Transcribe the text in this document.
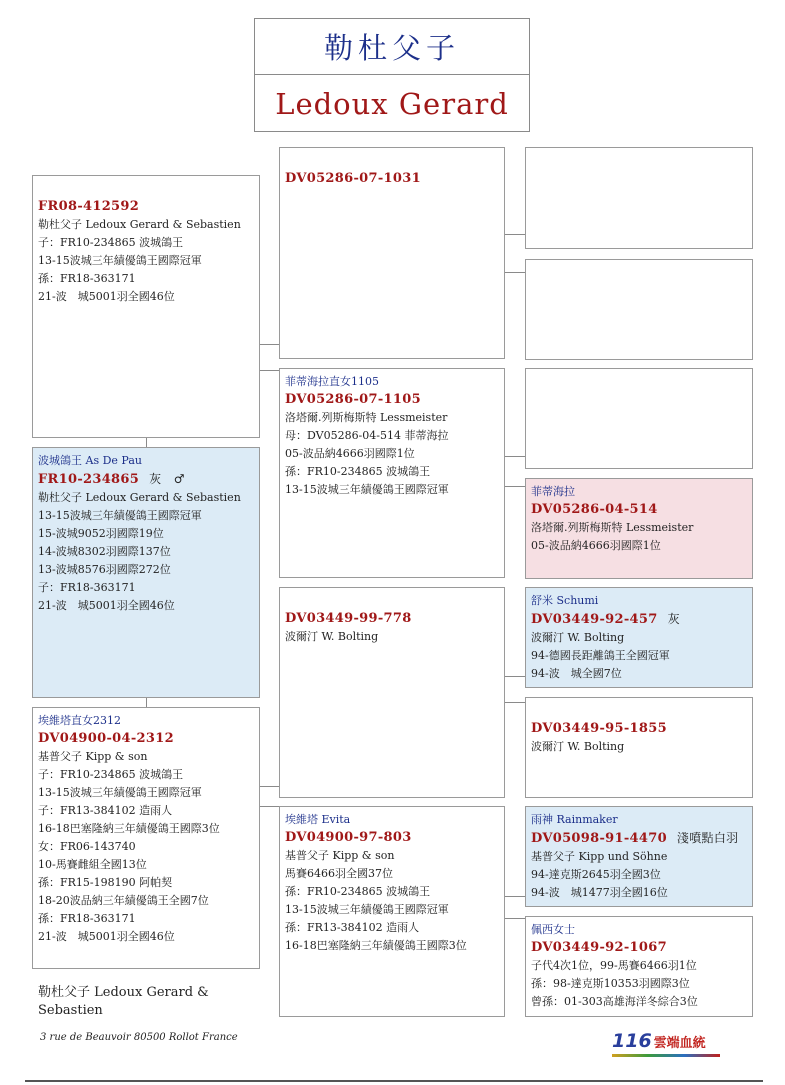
勒杜父子
Ledoux Gerard
FR08-412592
勒杜父子 Ledoux Gerard & Sebastien
子：FR10-234865 波城鴿王
13-15波城三年績優鴿王國際冠軍
孫：FR18-363171
21-波　城5001羽全國46位
波城鴿王 As De Pau
FR10-234865 灰　♂
勒杜父子 Ledoux Gerard & Sebastien
13-15波城三年績優鴿王國際冠軍
15-波城9052羽國際19位
14-波城8302羽國際137位
13-波城8576羽國際272位
子：FR18-363171
21-波　城5001羽全國46位
埃維塔直女2312
DV04900-04-2312
基普父子 Kipp & son
子：FR10-234865 波城鴿王
13-15波城三年績優鴿王國際冠軍
子：FR13-384102 造雨人
16-18巴塞隆納三年績優鴿王國際3位
女：FR06-143740
10-馬賽雌組全國13位
孫：FR15-198190 阿帕契
18-20波品納三年績優鴿王全國7位
孫：FR18-363171
21-波　城5001羽全國46位
DV05286-07-1031
菲蒂海拉直女1105
DV05286-07-1105
洛塔爾.列斯梅斯特 Lessmeister
母：DV05286-04-514 菲蒂海拉
05-波品納4666羽國際1位
孫：FR10-234865 波城鴿王
13-15波城三年績優鴿王國際冠軍
DV03449-99-778
波爾汀 W. Bolting
埃維塔 Evita
DV04900-97-803
基普父子 Kipp & son
馬賽6466羽全國37位
孫：FR10-234865 波城鴿王
13-15波城三年績優鴿王國際冠軍
孫：FR13-384102 造雨人
16-18巴塞隆納三年績優鴿王國際3位
菲蒂海拉
DV05286-04-514
洛塔爾.列斯梅斯特 Lessmeister
05-波品納4666羽國際1位
舒米 Schumi
DV03449-92-457 灰
波爾汀 W. Bolting
94-德國長距離鴿王全國冠軍
94-波　城全國7位
DV03449-95-1855
波爾汀 W. Bolting
雨神 Rainmaker
DV05098-91-4470 淺噴點白羽
基普父子 Kipp und Söhne
94-達克斯2645羽全國3位
94-波　城1477羽全國16位
佩西女士
DV03449-92-1067
子代4次1位，99-馬賽6466羽1位
孫：98-達克斯10353羽國際3位
曾孫：01-303高雄海洋冬綜合3位
勒杜父子 Ledoux Gerard & Sebastien
3 rue de Beauvoir 80500 Rollot France	116 雲端血統
